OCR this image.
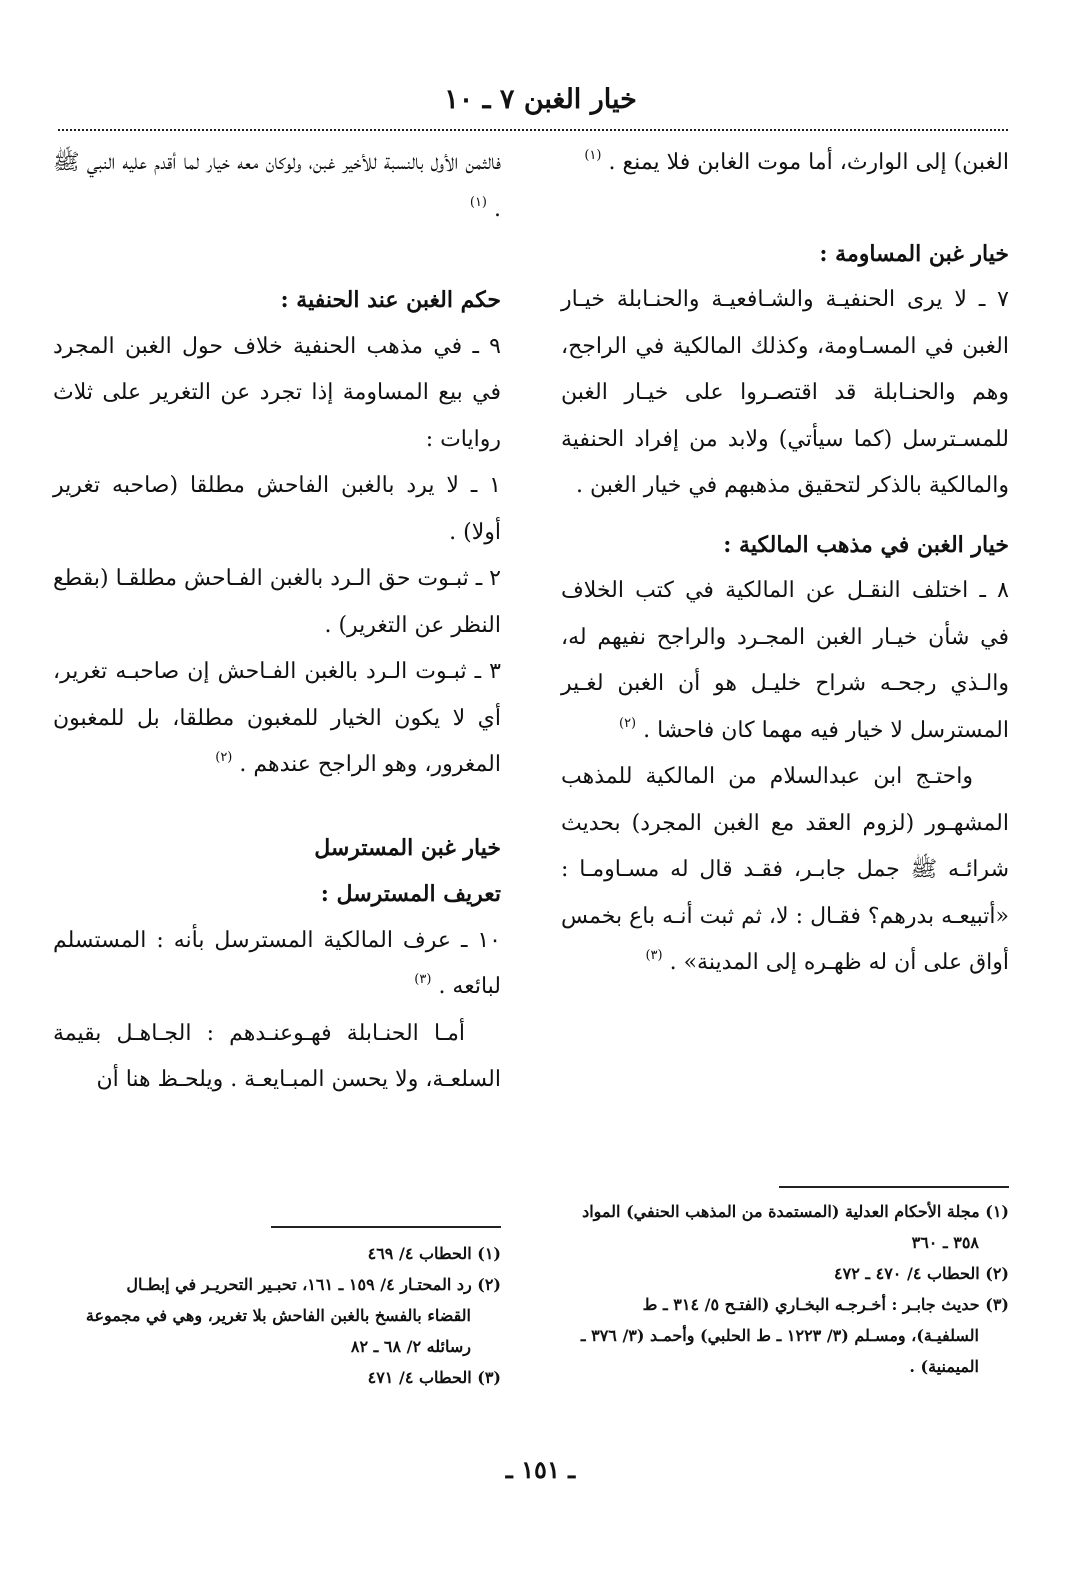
خيار الغبن ٧ ـ ١٠

الغبن) إلى الوارث، أما موت الغابن فلا يمنع . $^{(١)}$

خيار غبن المساومة :

٧ ـ لا يرى الحنفيـة والشـافعيـة والحنـابلة خيـار الغبن في المسـاومة، وكذلك المالكية في الراجح، وهم والحنـابلة قد اقتصـروا على خيـار الغبن للمسـترسل (كما سيأتي) ولابد من إفراد الحنفية والمالكية بالذكر لتحقيق مذهبهم في خيار الغبن .

خيار الغبن في مذهب المالكية :

٨ ـ اختلف النقـل عن المالكية في كتب الخلاف في شأن خيـار الغبن المجـرد والراجح نفيهم له، والـذي رجحـه شراح خليـل هو أن الغبن لغـير المسترسل لا خيار فيه مهما كان فاحشا . $^{(٢)}$

واحتـج ابن عبدالسلام من المالكية للمذهب المشهـور (لزوم العقد مع الغبن المجرد) بحديث شرائـه ﷺ جمل جابـر، فقـد قال له مسـاومـا : «أتبيعـه بدرهم؟ فقـال : لا، ثم ثبت أنـه باع بخمس أواق على أن له ظهـره إلى المدينة» . $^{(٣)}$

فالثمن الأول بالنسبة للأخير غبن، ولوكان معه خيار لما أقدم عليه النبي ﷺ . $^{(١)}$

حكم الغبن عند الحنفية :

٩ ـ في مذهب الحنفية خلاف حول الغبن المجرد في بيع المساومة إذا تجرد عن التغرير على ثلاث روايات :

١ ـ لا يرد بالغبن الفاحش مطلقا (صاحبه تغرير أولا) .

٢ ـ ثبـوت حق الـرد بالغبن الفـاحش مطلقـا (بقطع النظر عن التغرير) .

٣ ـ ثبـوت الـرد بالغبن الفـاحش إن صاحبـه تغرير، أي لا يكون الخيار للمغبون مطلقا، بل للمغبون المغرور، وهو الراجح عندهم . $^{(٢)}$

خيار غبن المسترسل

تعريف المسترسل :

١٠ ـ عرف المالكية المسترسل بأنه : المستسلم لبائعه . $^{(٣)}$

أمـا الحنـابلة فهـوعنـدهم : الجـاهـل بقيمة السلعـة، ولا يحسن المبـايعـة . ويلحـظ هنا أن

(١) مجلة الأحكام العدلية (المستمدة من المذهب الحنفي) المواد

٣٥٨ ـ ٣٦٠

(٢) الحطاب ٤/ ٤٧٠ ـ ٤٧٢

(٣) حديث جابـر : أخـرجـه البخـاري (الفتـح ٥/ ٣١٤ ـ ط

السلفيـة)، ومسـلم (٣/ ١٢٢٣ ـ ط الحلبي) وأحمـد (٣/ ٣٧٦ ـ الميمنية) .

(١) الحطاب ٤/ ٤٦٩

(٢) رد المحتـار ٤/ ١٥٩ ـ ١٦١، تحبـير التحريـر في إبطـال

القضاء بالفسخ بالغبن الفاحش بلا تغرير، وهي في مجموعة رسائله ٢/ ٦٨ ـ ٨٢

(٣) الحطاب ٤/ ٤٧١

ـ ١٥١ ـ
